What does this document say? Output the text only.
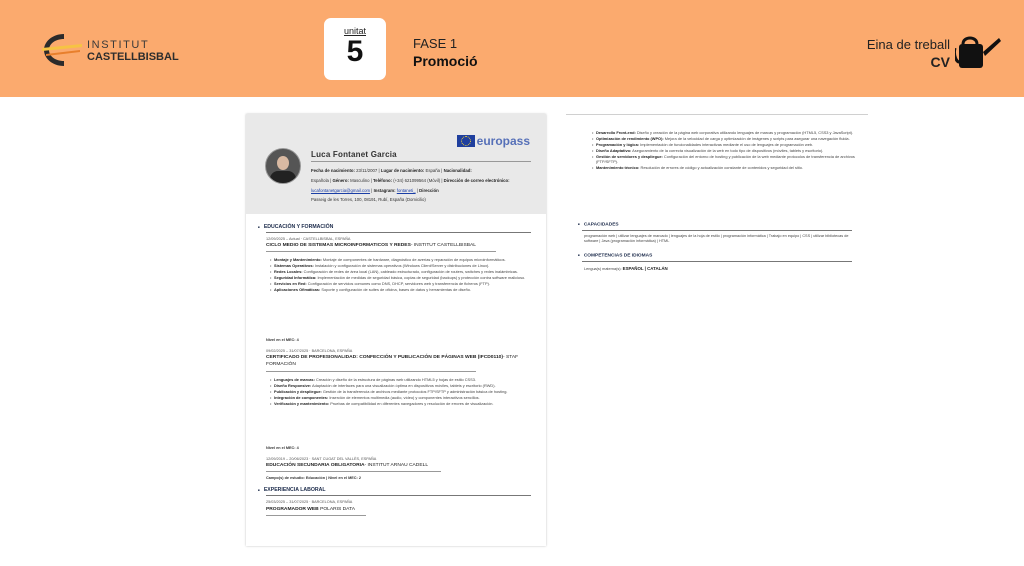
INSTITUT
CASTELLBISBAL
unitat
5	FASE 1
Promoció
Eina de treball
CV
europass
Luca Fontanet Garcia
Fecha de nacimiento: 23/11/2007 | Lugar de nacimiento: España | Nacionalidad:
Española | Género: Masculino | Teléfono: (+34) 621099564 (Móvil) | Dirección de correo electrónico:
lucafontanetgarcia@gmail.com | Instagram: fontaneti_ | Dirección
Passeig de les Torres, 100, 08191, Rubí, España (Domicilio)
■ EDUCACIÓN Y FORMACIÓN
12/09/2025 – Actual · CASTELLBISBAL, ESPAÑA
CICLO MEDIO DE SISTEMAS MICROINFORMATICOS Y REDES- INSTITUT CASTELLBISBAL
• Montaje y Mantenimiento: Montaje de componentes de hardware, diagnóstico de averías y reparación de equipos microinformáticos.
• Sistemas Operativos: Instalación y configuración de sistemas operativos (Windows Client/Server y distribuciones de Linux).
• Redes Locales: Configuración de redes de área local (LAN), cableado estructurado, configuración de routers, switches y redes inalámbricas.
• Seguridad Informática: Implementación de medidas de seguridad básica, copias de seguridad (backups) y protección contra software malicioso.
• Servicios en Red: Configuración de servicios comunes como DNS, DHCP, servidores web y transferencia de ficheros (FTP).
• Aplicaciones Ofimáticas: Soporte y configuración de suites de oficina, bases de datos y herramientas de diseño.
Nivel en el MEC: 4
09/02/2025 – 31/07/2025 · BARCELONA, ESPAÑA
CERTIFICADO DE PROFESIONALIDAD: CONFECCIÓN Y PUBLICACIÓN DE PÁGINAS WEB (IFCD0110)- STAF FORMACIÓN
• Lenguajes de marcas: Creación y diseño de la estructura de páginas web utilizando HTML5 y hojas de estilo CSS3.
• Diseño Responsive: Adaptación de interfaces para una visualización óptima en dispositivos móviles, tablets y escritorio (RWD).
• Publicación y despliegue: Gestión de la transferencia de archivos mediante protocolos FTP/SFTP y administración básica de hosting.
• Integración de componentes: Inserción de elementos multimedia (audio, vídeo) y componentes interactivos sencillos.
• Verificación y mantenimiento: Pruebas de compatibilidad en diferentes navegadores y resolución de errores de visualización.
Nivel en el MEC: 4
12/09/2019 – 20/06/2023 · SANT CUGAT DEL VALLÈS, ESPAÑA
EDUCACIÓN SECUNDARIA OBLIGATORIA- INSTITUT ARNAU CADELL
Campo(s) de estudio: Educación | Nivel en el MEC: 2
■ EXPERIENCIA LABORAL
25/03/2025 – 31/07/2025 · BARCELONA, ESPAÑA
PROGRAMADOR WEB POLARIS DATA
• Desarrollo Front-end: Diseño y creación de la página web corporativa utilizando lenguajes de marcas y programación (HTML5, CSS3 y JavaScript).
• Optimización de rendimiento (WPO): Mejora de la velocidad de carga y optimización de imágenes y scripts para asegurar una navegación fluida.
• Programación y lógica: Implementación de funcionalidades interactivas mediante el uso de lenguajes de programación web.
• Diseño Adaptativo: Aseguramiento de la correcta visualización de la web en todo tipo de dispositivos (móviles, tablets y escritorio).
• Gestión de servidores y despliegue: Configuración del entorno de hosting y publicación de la web mediante protocolos de transferencia de archivos (FTP/SFTP).
• Mantenimiento técnico: Resolución de errores de código y actualización constante de contenidos y seguridad del sitio.
■ CAPACIDADES
programación web | utilizar lenguajes de marcado | lenguajes de la hoja de estilo | programación informática | Trabajo en equipo | CSS | utilizar bibliotecas de software | Java (programación informática) | HTML
■ COMPETENCIAS DE IDIOMAS
Lengua(s) materna(s): ESPAÑOL | CATALÁN
